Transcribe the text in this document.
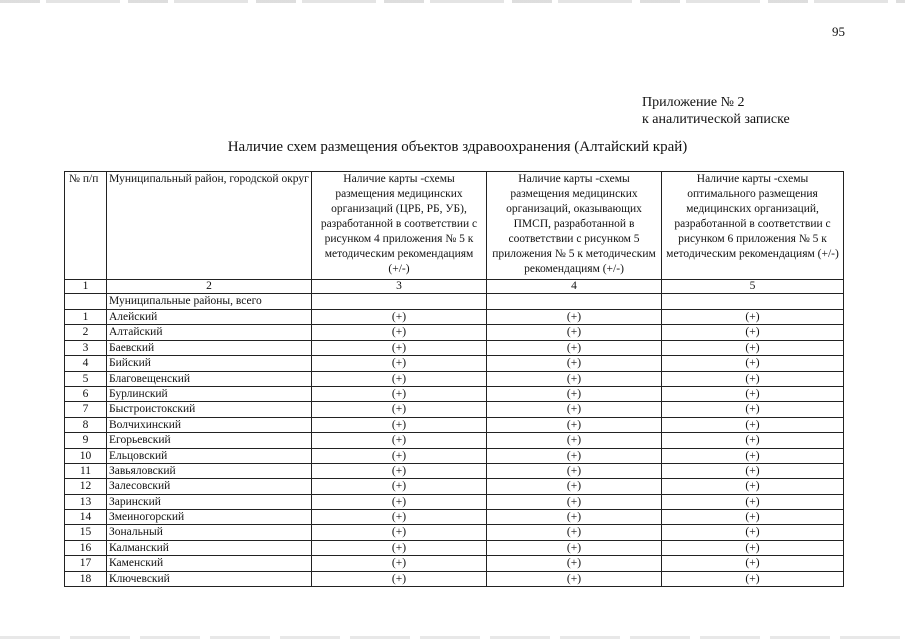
95
Приложение № 2
к аналитической записке
Наличие схем размещения объектов здравоохранения (Алтайский край)
№ п/п	Муниципальный район, городской округ	Наличие карты -схемы размещения медицинских организаций (ЦРБ, РБ, УБ), разработанной в соответствии с рисунком 4 приложения № 5 к методическим рекомендациям (+/-)	Наличие карты -схемы размещения медицинских организаций, оказывающих ПМСП, разработанной в соответствии с рисунком 5 приложения № 5 к методическим рекомендациям (+/-)	Наличие карты -схемы оптимального размещения медицинских организаций, разработанной в соответствии с рисунком 6 приложения № 5 к методическим рекомендациям (+/-)
1	2	3	4	5
	Муниципальные районы, всего			
1	Алейский	(+)	(+)	(+)
2	Алтайский	(+)	(+)	(+)
3	Баевский	(+)	(+)	(+)
4	Бийский	(+)	(+)	(+)
5	Благовещенский	(+)	(+)	(+)
6	Бурлинский	(+)	(+)	(+)
7	Быстроистокский	(+)	(+)	(+)
8	Волчихинский	(+)	(+)	(+)
9	Егорьевский	(+)	(+)	(+)
10	Ельцовский	(+)	(+)	(+)
11	Завьяловский	(+)	(+)	(+)
12	Залесовский	(+)	(+)	(+)
13	Заринский	(+)	(+)	(+)
14	Змеиногорский	(+)	(+)	(+)
15	Зональный	(+)	(+)	(+)
16	Калманский	(+)	(+)	(+)
17	Каменский	(+)	(+)	(+)
18	Ключевский	(+)	(+)	(+)
